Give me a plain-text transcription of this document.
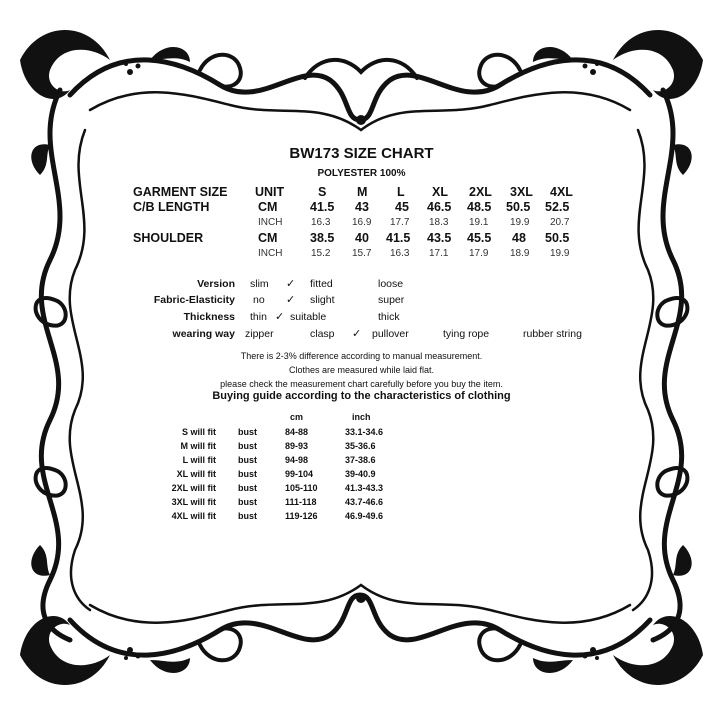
BW173 SIZE CHART
POLYESTER 100%
GARMENT SIZE UNIT	S M L XL 2XL 3XL 4XL
C/B LENGTH	CM	41.5 43 45 46.5 48.5 50.5 52.5
INCH	16.3 16.9 17.7 18.3 19.1 19.9 20.7
SHOULDER	CM	38.5 40 41.5 43.5 45.5 48 50.5
INCH	15.2 15.7 16.3 17.1 17.9 18.9 19.9
Version slim ✓ fitted	loose
Fabric-Elasticity no ✓ slight	super
Thickness thin ✓ suitable	thick
wearing way zipper	clasp ✓ pullover	tying rope	rubber string
There is 2-3% difference according to manual measurement.
Clothes are measured while laid flat.
please check the measurement chart carefully before you buy the item.
Buying guide according to the characteristics of clothing
cm	inch
S will fit bust	84-88	33.1-34.6
M will fit bust	89-93	35-36.6
L will fit bust	94-98	37-38.6
XL will fit bust	99-104	39-40.9
2XL will fit bust	105-110	41.3-43.3
3XL will fit bust	111-118	43.7-46.6
4XL will fit bust	119-126	46.9-49.6
